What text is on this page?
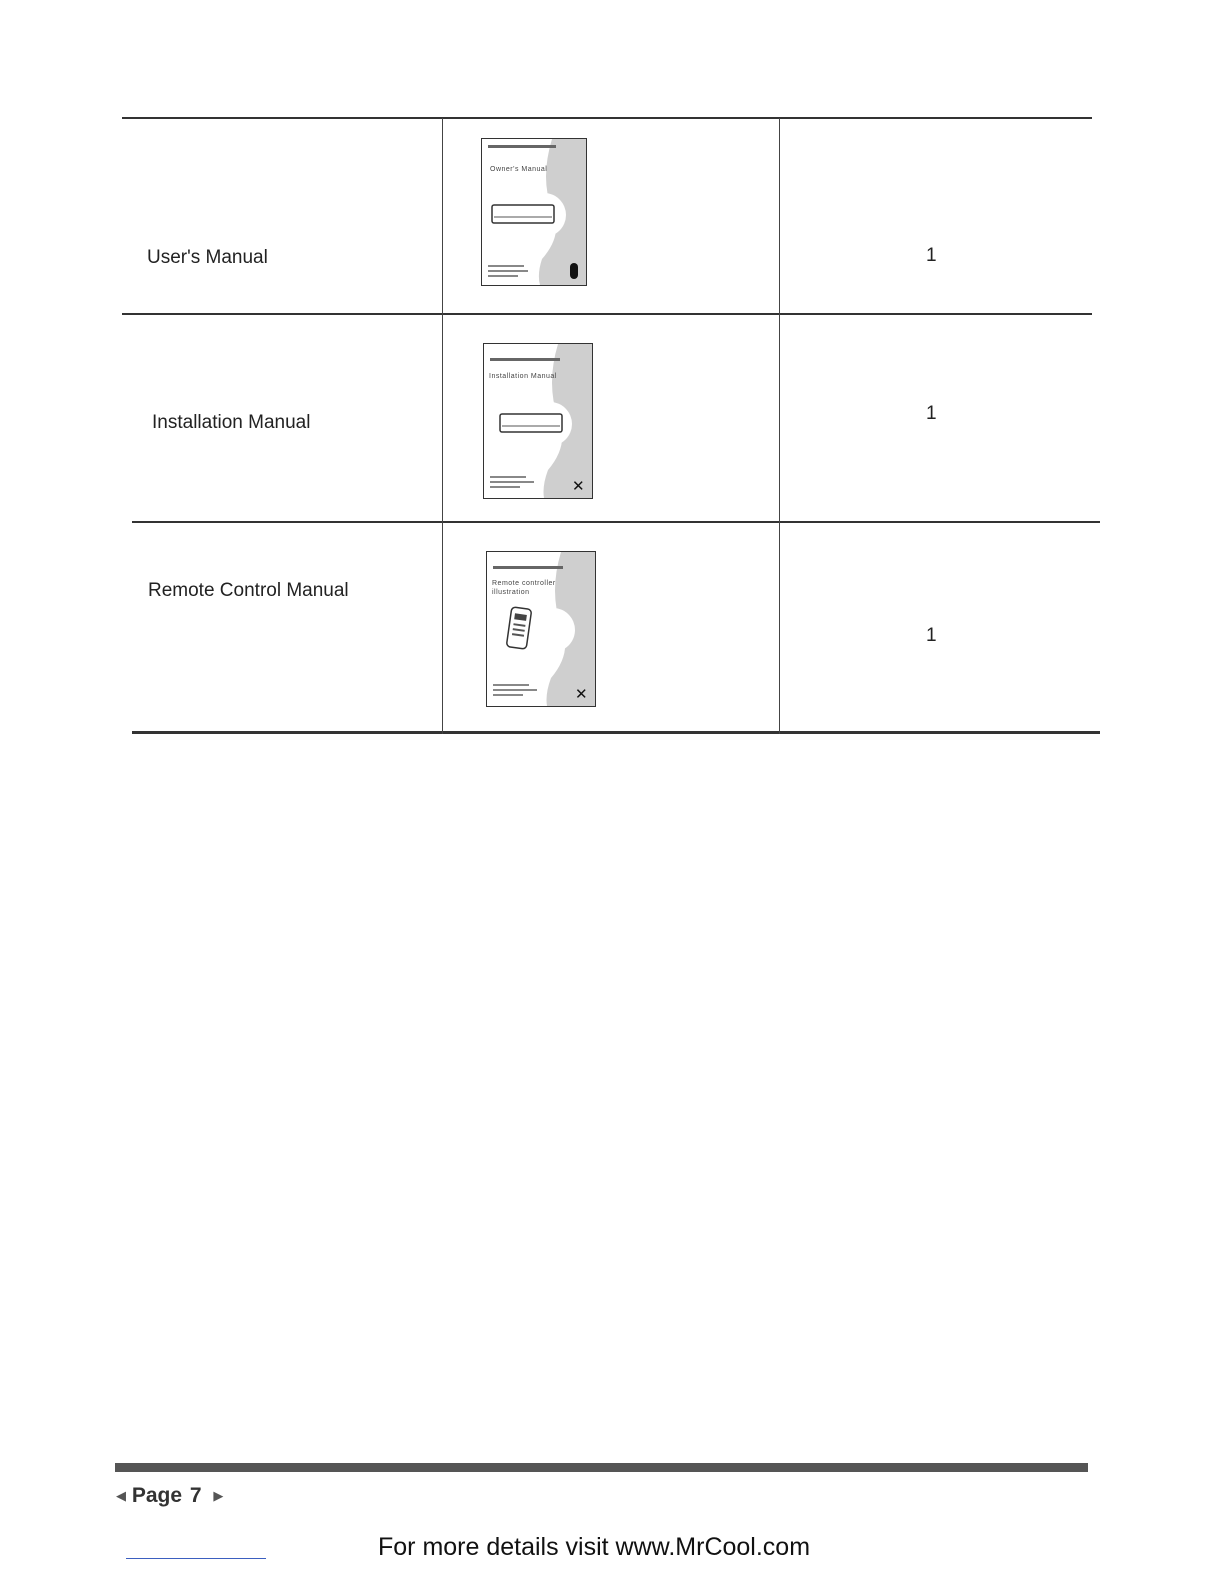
User's Manual
Owner's Manual
1
Installation Manual
Installation Manual
✕
1
Remote Control Manual	Remote controller
illustration
✕
1
◀ Page 7 ▶
For more details visit www.MrCool.com
